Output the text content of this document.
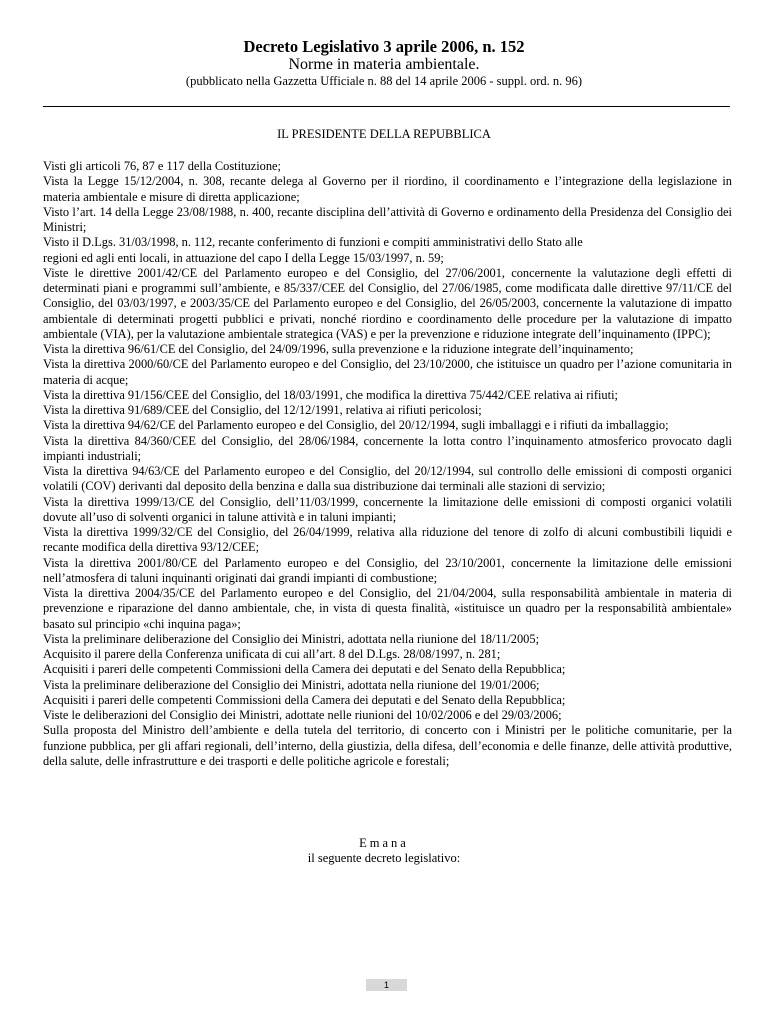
Decreto Legislativo 3 aprile 2006, n. 152
Norme in materia ambientale.
(pubblicato nella Gazzetta Ufficiale n. 88 del 14 aprile 2006 - suppl. ord. n. 96)
IL PRESIDENTE DELLA REPUBBLICA

Visti gli articoli 76, 87 e 117 della Costituzione;

Vista la Legge 15/12/2004, n. 308, recante delega al Governo per il riordino, il coordinamento e l’integrazione della legislazione in materia ambientale e misure di diretta applicazione;

Visto l’art. 14 della Legge 23/08/1988, n. 400, recante disciplina dell’attività di Governo e ordinamento della Presidenza del Consiglio dei Ministri;

Visto il D.Lgs. 31/03/1998, n. 112, recante conferimento di funzioni e compiti amministrativi dello Stato alle

regioni ed agli enti locali, in attuazione del capo I della Legge 15/03/1997, n. 59;

Viste le direttive 2001/42/CE del Parlamento europeo e del Consiglio, del 27/06/2001, concernente la valutazione degli effetti di determinati piani e programmi sull’ambiente, e 85/337/CEE del Consiglio, del 27/06/1985, come modificata dalle direttive 97/11/CE del Consiglio, del 03/03/1997, e 2003/35/CE del Parlamento europeo e del Consiglio, del 26/05/2003, concernente la valutazione di impatto ambientale di determinati progetti pubblici e privati, nonché riordino e coordinamento delle procedure per la valutazione di impatto ambientale (VIA), per la valutazione ambientale strategica (VAS) e per la prevenzione e riduzione integrate dell’inquinamento (IPPC);

Vista la direttiva 96/61/CE del Consiglio, del 24/09/1996, sulla prevenzione e la riduzione integrate dell’inquinamento;

Vista la direttiva 2000/60/CE del Parlamento europeo e del Consiglio, del 23/10/2000, che istituisce un quadro per l’azione comunitaria in materia di acque;

Vista la direttiva 91/156/CEE del Consiglio, del 18/03/1991, che modifica la direttiva 75/442/CEE relativa ai rifiuti;

Vista la direttiva 91/689/CEE del Consiglio, del 12/12/1991, relativa ai rifiuti pericolosi;

Vista la direttiva 94/62/CE del Parlamento europeo e del Consiglio, del 20/12/1994, sugli imballaggi e i rifiuti da imballaggio;

Vista la direttiva 84/360/CEE del Consiglio, del 28/06/1984, concernente la lotta contro l’inquinamento atmosferico provocato dagli impianti industriali;

Vista la direttiva 94/63/CE del Parlamento europeo e del Consiglio, del 20/12/1994, sul controllo delle emissioni di composti organici volatili (COV) derivanti dal deposito della benzina e dalla sua distribuzione dai terminali alle stazioni di servizio;

Vista la direttiva 1999/13/CE del Consiglio, dell’11/03/1999, concernente la limitazione delle emissioni di composti organici volatili dovute all’uso di solventi organici in talune attività e in taluni impianti;

Vista la direttiva 1999/32/CE del Consiglio, del 26/04/1999, relativa alla riduzione del tenore di zolfo di alcuni combustibili liquidi e recante modifica della direttiva 93/12/CEE;

Vista la direttiva 2001/80/CE del Parlamento europeo e del Consiglio, del 23/10/2001, concernente la limitazione delle emissioni nell’atmosfera di taluni inquinanti originati dai grandi impianti di combustione;

Vista la direttiva 2004/35/CE del Parlamento europeo e del Consiglio, del 21/04/2004, sulla responsabilità ambientale in materia di prevenzione e riparazione del danno ambientale, che, in vista di questa finalità, «istituisce un quadro per la responsabilità ambientale» basato sul principio «chi inquina paga»;

Vista la preliminare deliberazione del Consiglio dei Ministri, adottata nella riunione del 18/11/2005;

Acquisito il parere della Conferenza unificata di cui all’art. 8 del D.Lgs. 28/08/1997, n. 281;

Acquisiti i pareri delle competenti Commissioni della Camera dei deputati e del Senato della Repubblica;

Vista la preliminare deliberazione del Consiglio dei Ministri, adottata nella riunione del 19/01/2006;

Acquisiti i pareri delle competenti Commissioni della Camera dei deputati e del Senato della Repubblica;

Viste le deliberazioni del Consiglio dei Ministri, adottate nelle riunioni del 10/02/2006 e del 29/03/2006;

Sulla proposta del Ministro dell’ambiente e della tutela del territorio, di concerto con i Ministri per le politiche comunitarie, per la funzione pubblica, per gli affari regionali, dell’interno, della giustizia, della difesa, dell’economia e delle finanze, delle attività produttive, della salute, delle infrastrutture e dei trasporti e delle politiche agricole e forestali;

Emana
il seguente decreto legislativo:
1
